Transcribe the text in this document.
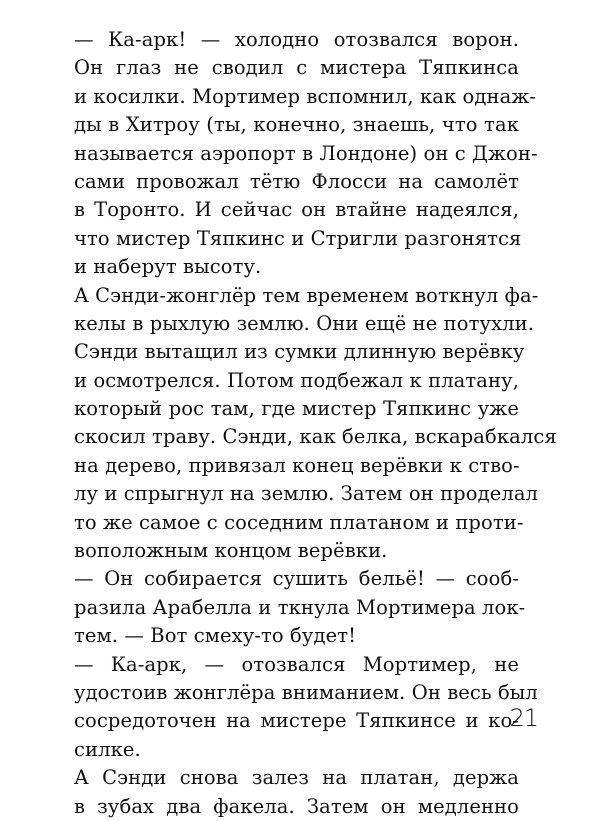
— Ка-арк! — холодно отозвался ворон.
Он глаз не сводил с мистера Тяпкинса
и косилки. Мортимер вспомнил, как однаж-
ды в Хитроу (ты, конечно, знаешь, что так
называется аэропорт в Лондоне) он с Джон-
сами провожал тётю Флосси на самолёт
в Торонто. И сейчас он втайне надеялся,
что мистер Тяпкинс и Стригли разгонятся
и наберут высоту.
А Сэнди-жонглёр тем временем воткнул фа-
келы в рыхлую землю. Они ещё не потухли.
Сэнди вытащил из сумки длинную верёвку
и осмотрелся. Потом подбежал к платану,
который рос там, где мистер Тяпкинс уже
скосил траву. Сэнди, как белка, вскарабкался
на дерево, привязал конец верёвки к ство-
лу и спрыгнул на землю. Затем он проделал
то же самое с соседним платаном и проти-
воположным концом верёвки.
— Он собирается сушить бельё! — сооб-
разила Арабелла и ткнула Мортимера лок-
тем. — Вот смеху-то будет!
— Ка-арк, — отозвался Мортимер, не
удостоив жонглёра вниманием. Он весь был
сосредоточен на мистере Тяпкинсе и ко-
силке.
А Сэнди снова залез на платан, держа
в зубах два факела. Затем он медленно
21
